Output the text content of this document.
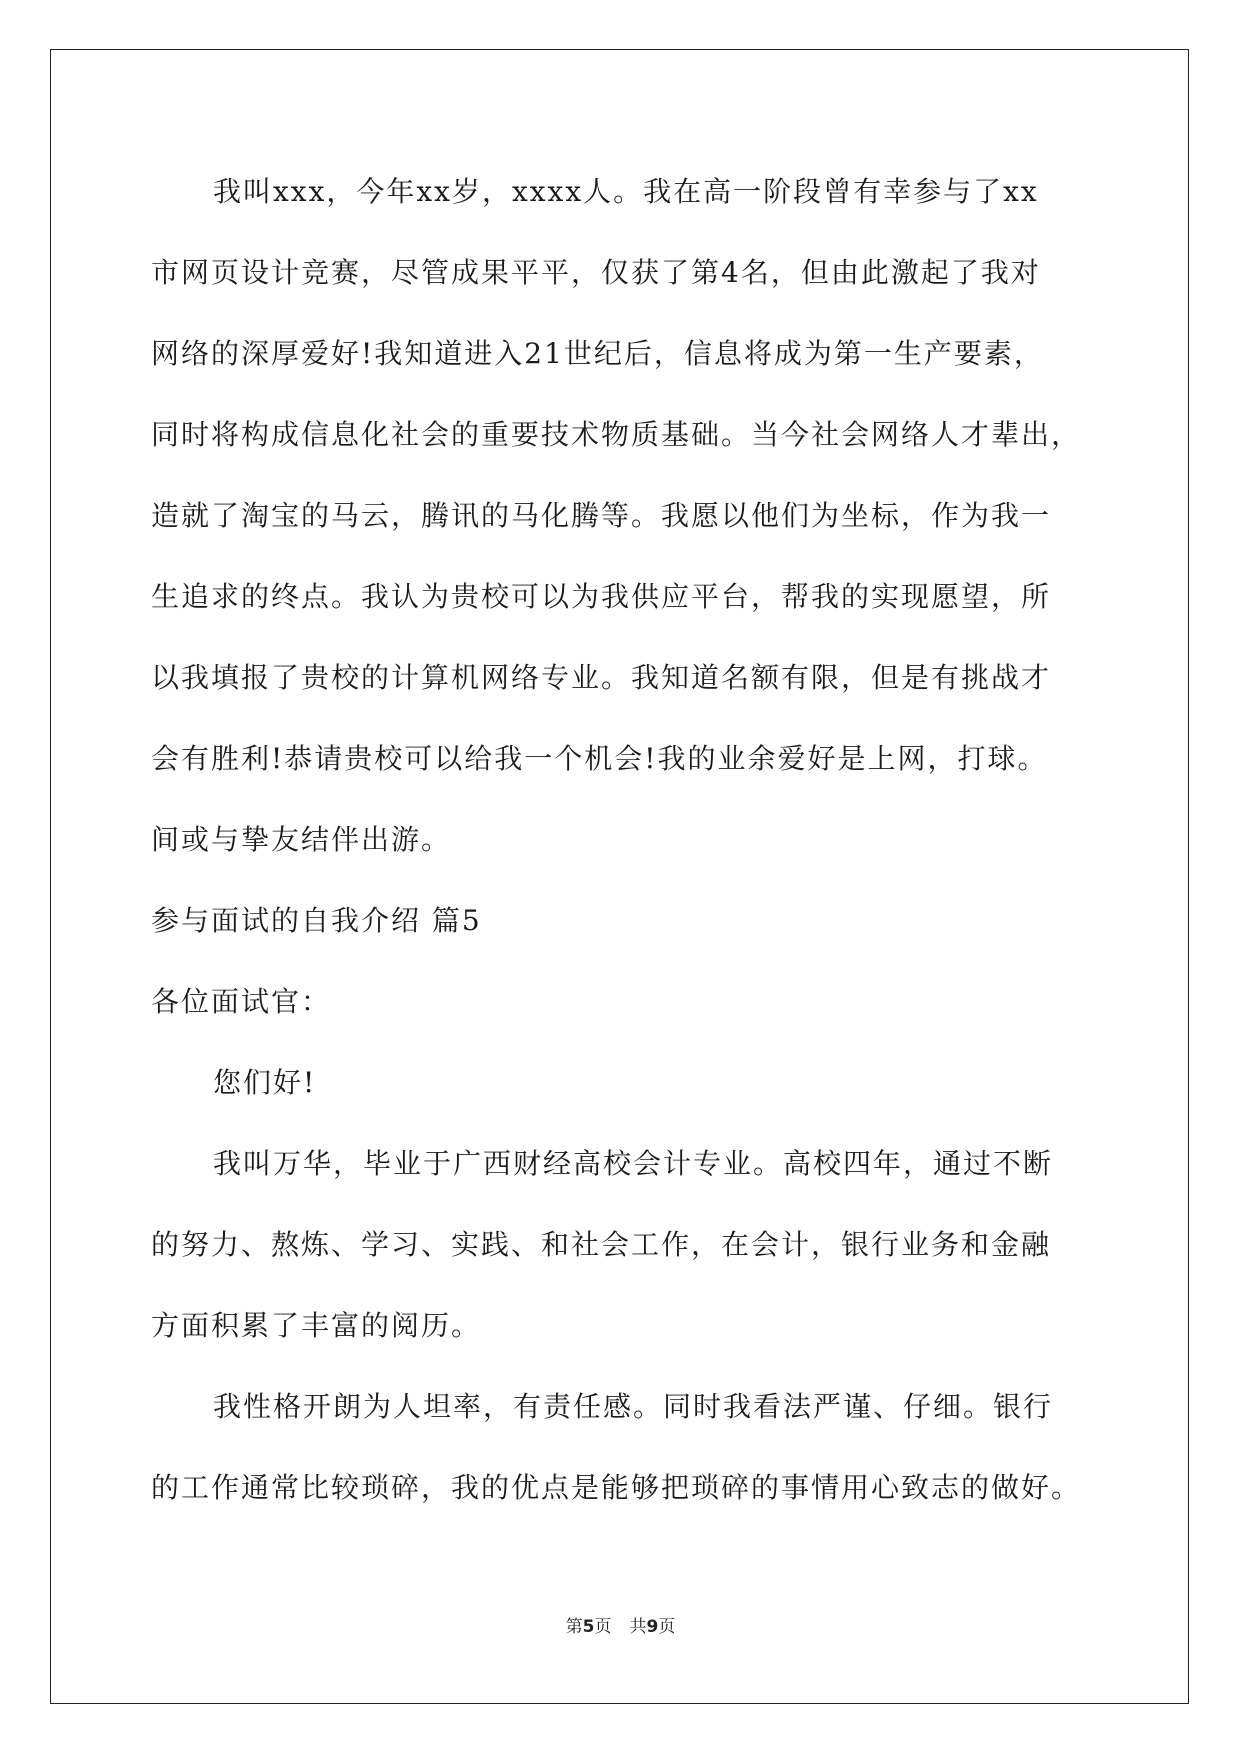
我叫xxx，今年xx岁，xxxx人。我在高一阶段曾有幸参与了xx
市网页设计竞赛，尽管成果平平，仅获了第4名，但由此激起了我对
网络的深厚爱好!我知道进入21世纪后，信息将成为第一生产要素，
同时将构成信息化社会的重要技术物质基础。当今社会网络人才辈出，
造就了淘宝的马云，腾讯的马化腾等。我愿以他们为坐标，作为我一
生追求的终点。我认为贵校可以为我供应平台，帮我的实现愿望，所
以我填报了贵校的计算机网络专业。我知道名额有限，但是有挑战才
会有胜利!恭请贵校可以给我一个机会!我的业余爱好是上网，打球。
间或与挚友结伴出游。
参与面试的自我介绍 篇5
各位面试官：
您们好!
我叫万华，毕业于广西财经高校会计专业。高校四年，通过不断
的努力、熬炼、学习、实践、和社会工作，在会计，银行业务和金融
方面积累了丰富的阅历。
我性格开朗为人坦率，有责任感。同时我看法严谨、仔细。银行
的工作通常比较琐碎，我的优点是能够把琐碎的事情用心致志的做好。
第5页 共9页
